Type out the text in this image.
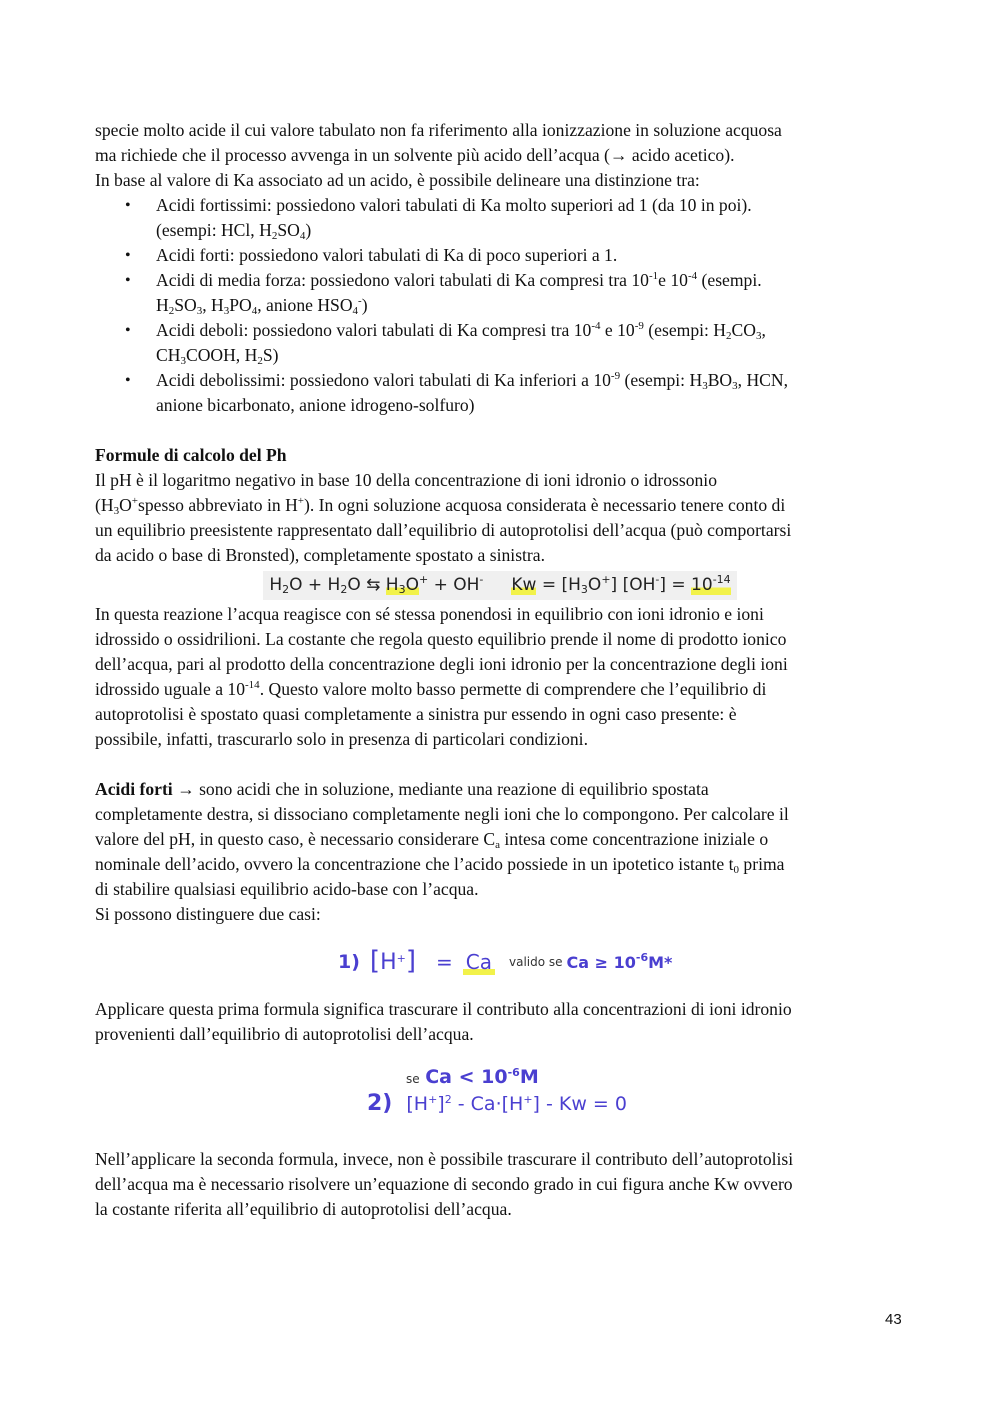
specie molto acide il cui valore tabulato non fa riferimento alla ionizzazione in soluzione acquosa

ma richiede che il processo avvenga in un solvente più acido dell’acqua (→ acido acetico).

In base al valore di Ka associato ad un acido, è possibile delineare una distinzione tra:

• Acidi fortissimi: possiedono valori tabulati di Ka molto superiori ad 1 (da 10 in poi).
(esempi: HCl, $H_2SO_4$)
• Acidi forti: possiedono valori tabulati di Ka di poco superiori a 1.
• Acidi di media forza: possiedono valori tabulati di Ka compresi tra $10^{-1}e$ $10^{-4}$ (esempi.
$H_2SO_3$, $H_3PO_4$, anione $HSO_4^-$)
• Acidi deboli: possiedono valori tabulati di Ka compresi tra $10^{-4}$ e $10^{-9}$ (esempi: $H_2CO_3$,
$CH_3COOH$, $H_2S$)
• Acidi debolissimi: possiedono valori tabulati di Ka inferiori a $10^{-9}$ (esempi: $H_3BO_3$, HCN,
anione bicarbonato, anione idrogeno-solfuro)

Formule di calcolo del Ph

Il pH è il logaritmo negativo in base 10 della concentrazione di ioni idronio o idrossonio
($H_3O^+spesso$ abbreviato in H+). In ogni soluzione acquosa considerata è necessario tenere conto di
un equilibrio preesistente rappresentato dall’equilibrio di autoprotolisi dell’acqua (può comportarsi
da acido o base di Bronsted), completamente spostato a sinistra.

$H_2O + H_2O$ ⇆ $H_3O^+ + OH^-$ $Kw = [H_3O^+] [OH^-] = 10^{-14}$

In questa reazione l’acqua reagisce con sé stessa ponendosi in equilibrio con ioni idronio e ioni
idrossido o ossidrilioni. La costante che regola questo equilibrio prende il nome di prodotto ionico
dell’acqua, pari al prodotto della concentrazione degli ioni idronio per la concentrazione degli ioni
idrossido uguale a $10^{-14}$. Questo valore molto basso permette di comprendere che l’equilibrio di
autoprotolisi è spostato quasi completamente a sinistra pur essendo in ogni caso presente: è
possibile, infatti, trascurarlo solo in presenza di particolari condizioni.

Acidi forti → sono acidi che in soluzione, mediante una reazione di equilibrio spostata
completamente destra, si dissociano completamente negli ioni che lo compongono. Per calcolare il
valore del pH, in questo caso, è necessario considerare $C_a$ intesa come concentrazione iniziale o
nominale dell’acido, ovvero la concentrazione che l’acido possiede in un ipotetico istante $t_0$ prima
di stabilire qualsiasi equilibrio acido-base con l’acqua.
Si possono distinguere due casi:

1) [H+] = Ca valido se $Ca \ge 10^{-6}M*$

Applicare questa prima formula significa trascurare il contributo alla concentrazioni di ioni idronio
provenienti dall’equilibrio di autoprotolisi dell’acqua.

se $Ca < 10^{-6}M$
2) $[H^+]^2 - Ca\cdot[H^+] - Kw = 0$

Nell’applicare la seconda formula, invece, non è possibile trascurare il contributo dell’autoprotolisi
dell’acqua ma è necessario risolvere un’equazione di secondo grado in cui figura anche Kw ovvero
la costante riferita all’equilibrio di autoprotolisi dell’acqua.

43
